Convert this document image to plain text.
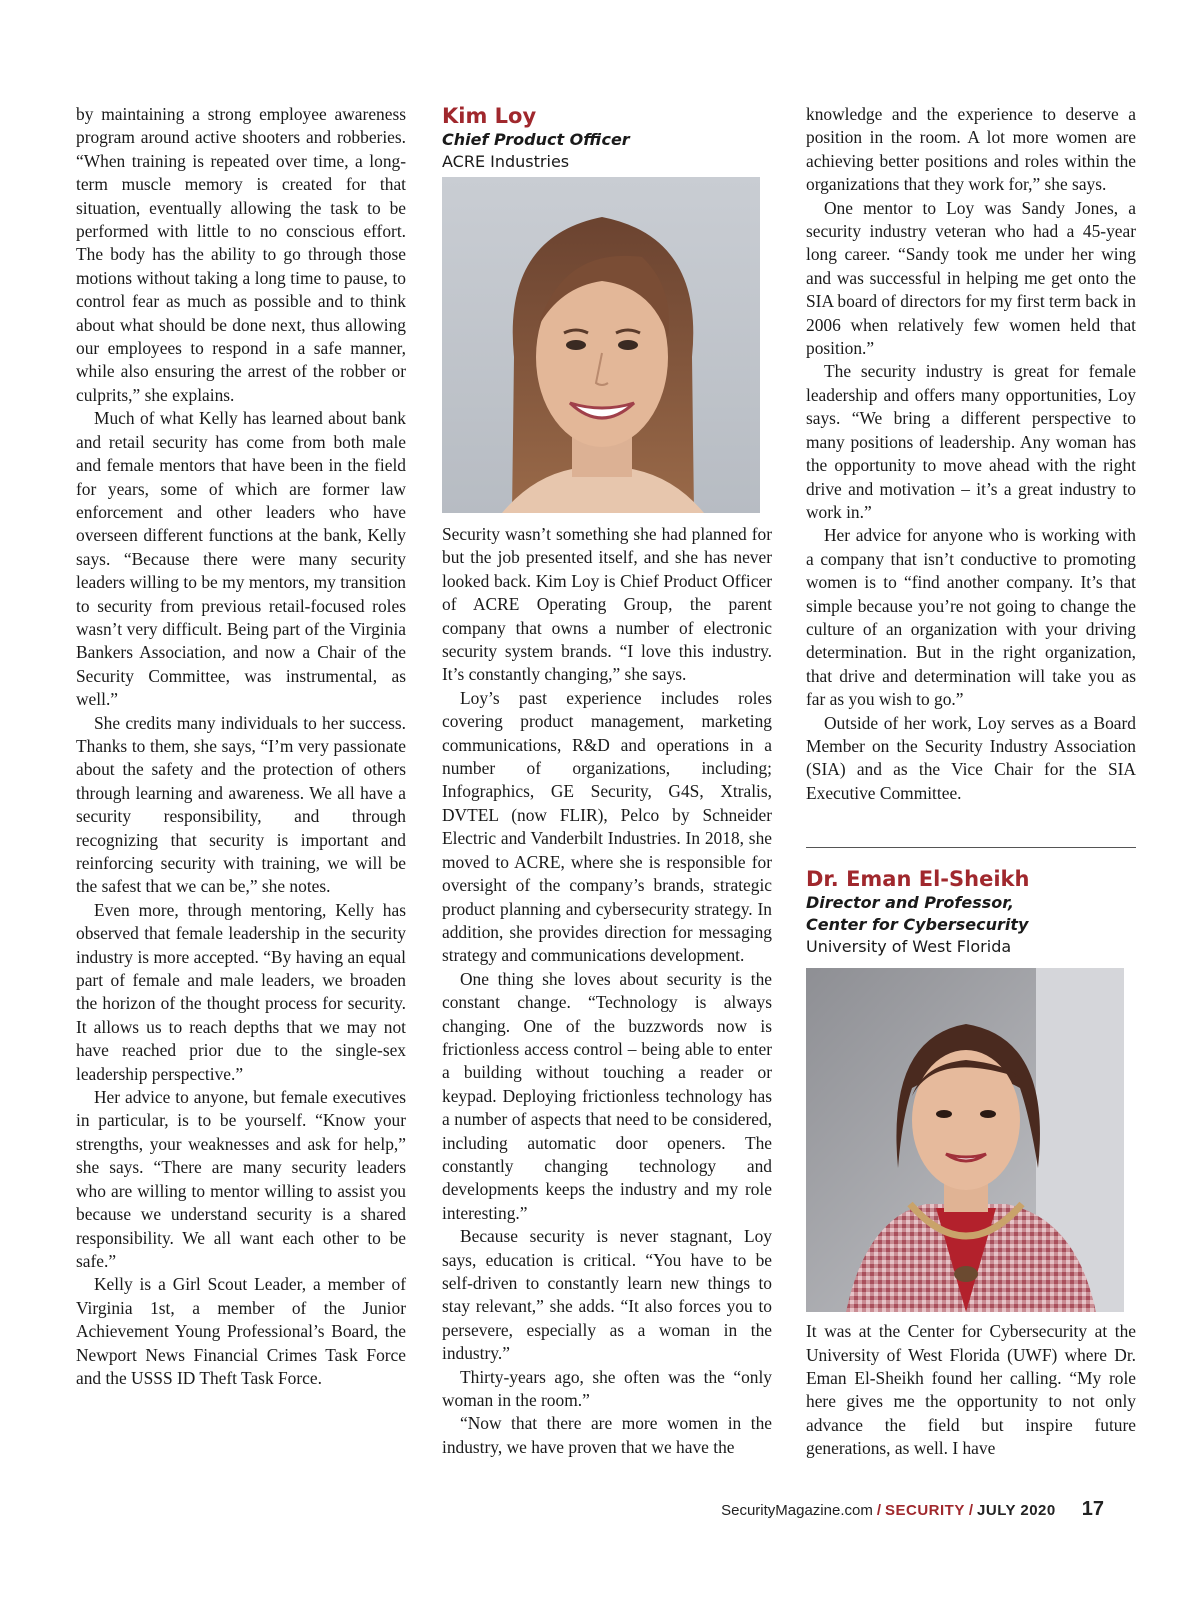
by maintaining a strong employee awareness program around active shooters and robberies. “When training is repeated over time, a long-term muscle memory is created for that situation, eventually allowing the task to be performed with little to no conscious effort. The body has the ability to go through those motions without taking a long time to pause, to control fear as much as possible and to think about what should be done next, thus allowing our employees to respond in a safe manner, while also ensuring the arrest of the robber or culprits,” she explains.

Much of what Kelly has learned about bank and retail security has come from both male and female mentors that have been in the field for years, some of which are former law enforcement and other leaders who have overseen different functions at the bank, Kelly says. “Because there were many security leaders willing to be my mentors, my transition to security from previous retail-focused roles wasn’t very difficult. Being part of the Virginia Bankers Association, and now a Chair of the Security Committee, was instrumental, as well.”

She credits many individuals to her success. Thanks to them, she says, “I’m very passionate about the safety and the protection of others through learning and awareness. We all have a security responsibility, and through recognizing that security is important and reinforcing security with training, we will be the safest that we can be,” she notes.

Even more, through mentoring, Kelly has observed that female leadership in the security industry is more accepted. “By having an equal part of female and male leaders, we broaden the horizon of the thought process for security. It allows us to reach depths that we may not have reached prior due to the single-sex leadership perspective.”

Her advice to anyone, but female executives in particular, is to be yourself. “Know your strengths, your weaknesses and ask for help,” she says. “There are many security leaders who are willing to mentor willing to assist you because we understand security is a shared responsibility. We all want each other to be safe.”

Kelly is a Girl Scout Leader, a member of Virginia 1st, a member of the Junior Achievement Young Professional’s Board, the Newport News Financial Crimes Task Force and the USSS ID Theft Task Force.

Kim Loy

Chief Product Officer

ACRE Industries

Security wasn’t something she had planned for but the job presented itself, and she has never looked back. Kim Loy is Chief Product Officer of ACRE Operating Group, the parent company that owns a number of electronic security system brands. “I love this industry. It’s constantly changing,” she says.

Loy’s past experience includes roles covering product management, marketing communications, R&D and operations in a number of organizations, including; Infographics, GE Security, G4S, Xtralis, DVTEL (now FLIR), Pelco by Schneider Electric and Vanderbilt Industries. In 2018, she moved to ACRE, where she is responsible for oversight of the company’s brands, strategic product planning and cybersecurity strategy. In addition, she provides direction for messaging strategy and communications development.

One thing she loves about security is the constant change. “Technology is always changing. One of the buzzwords now is frictionless access control – being able to enter a building without touching a reader or keypad. Deploying frictionless technology has a number of aspects that need to be considered, including automatic door openers. The constantly changing technology and developments keeps the industry and my role interesting.”

Because security is never stagnant, Loy says, education is critical. “You have to be self-driven to constantly learn new things to stay relevant,” she adds. “It also forces you to persevere, especially as a woman in the industry.”

Thirty-years ago, she often was the “only woman in the room.”

“Now that there are more women in the industry, we have proven that we have the

knowledge and the experience to deserve a position in the room. A lot more women are achieving better positions and roles within the organizations that they work for,” she says.

One mentor to Loy was Sandy Jones, a security industry veteran who had a 45-year long career. “Sandy took me under her wing and was successful in helping me get onto the SIA board of directors for my first term back in 2006 when relatively few women held that position.”

The security industry is great for female leadership and offers many opportunities, Loy says. “We bring a different perspective to many positions of leadership. Any woman has the opportunity to move ahead with the right drive and motivation – it’s a great industry to work in.”

Her advice for anyone who is working with a company that isn’t conductive to promoting women is to “find another company. It’s that simple because you’re not going to change the culture of an organization with your driving determination. But in the right organization, that drive and determination will take you as far as you wish to go.”

Outside of her work, Loy serves as a Board Member on the Security Industry Association (SIA) and as the Vice Chair for the SIA Executive Committee.

Dr. Eman El-Sheikh

Director and Professor,

Center for Cybersecurity

University of West Florida

It was at the Center for Cybersecurity at the University of West Florida (UWF) where Dr. Eman El-Sheikh found her calling. “My role here gives me the opportunity to not only advance the field but inspire future generations, as well. I have

SecurityMagazine.com / SECURITY / JULY 2020 17
